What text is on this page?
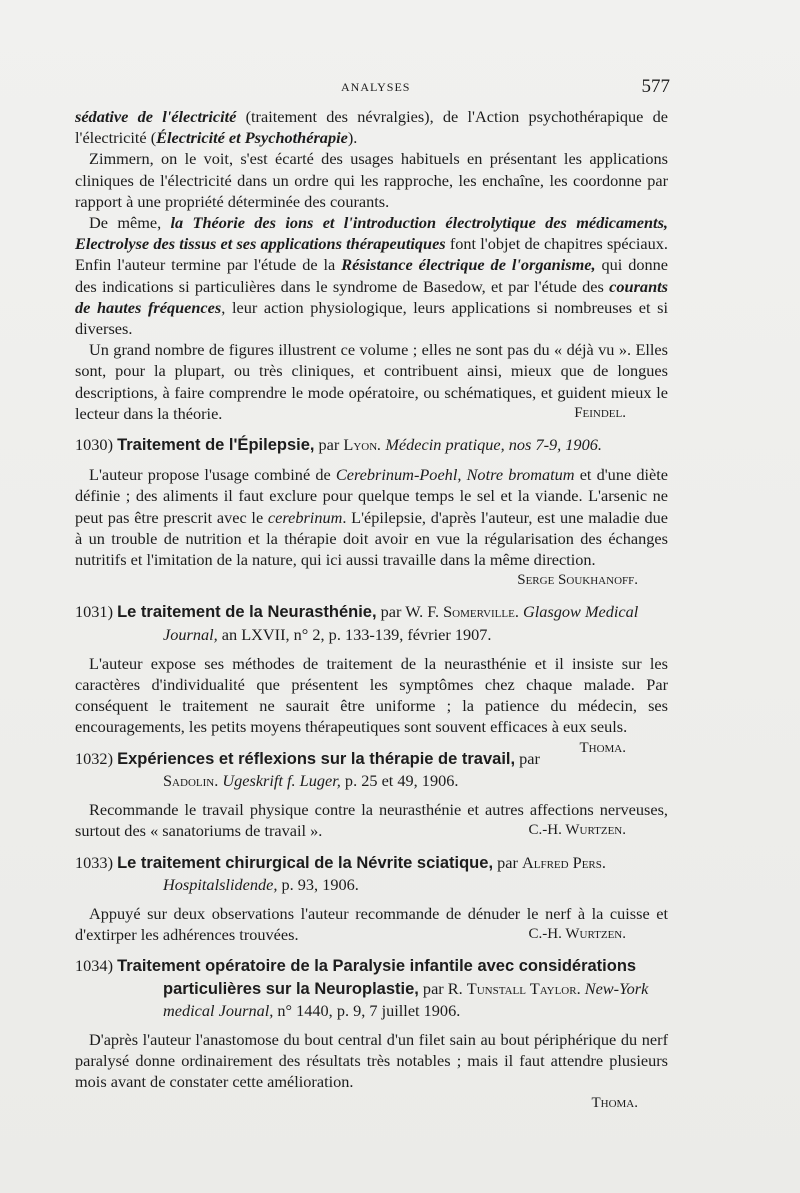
ANALYSES	577

sédative de l'électricité (traitement des névralgies), de l'Action psychothérapique de l'électricité (Électricité et Psychothérapie).

Zimmern, on le voit, s'est écarté des usages habituels en présentant les applications cliniques de l'électricité dans un ordre qui les rapproche, les enchaîne, les coordonne par rapport à une propriété déterminée des courants.

De même, la Théorie des ions et l'introduction électrolytique des médicaments, Electrolyse des tissus et ses applications thérapeutiques font l'objet de chapitres spéciaux. Enfin l'auteur termine par l'étude de la Résistance électrique de l'organisme, qui donne des indications si particulières dans le syndrome de Basedow, et par l'étude des courants de hautes fréquences, leur action physiologique, leurs applications si nombreuses et si diverses.

Un grand nombre de figures illustrent ce volume ; elles ne sont pas du « déjà vu ». Elles sont, pour la plupart, ou très cliniques, et contribuent ainsi, mieux que de longues descriptions, à faire comprendre le mode opératoire, ou schématiques, et guident mieux le lecteur dans la théorie.	Feindel.

1030) Traitement de l'Épilepsie, par Lyon. Médecin pratique, nos 7-9, 1906.

L'auteur propose l'usage combiné de Cerebrinum-Poehl, Notre bromatum et d'une diète définie ; des aliments il faut exclure pour quelque temps le sel et la viande. L'arsenic ne peut pas être prescrit avec le cerebrinum. L'épilepsie, d'après l'auteur, est une maladie due à un trouble de nutrition et la thérapie doit avoir en vue la régularisation des échanges nutritifs et l'imitation de la nature, qui ici aussi travaille dans la même direction.

Serge Soukhanoff.

1031) Le traitement de la Neurasthénie, par W. F. Somerville. Glasgow Medical Journal, an LXVII, n° 2, p. 133-139, février 1907.

L'auteur expose ses méthodes de traitement de la neurasthénie et il insiste sur les caractères d'individualité que présentent les symptômes chez chaque malade. Par conséquent le traitement ne saurait être uniforme ; la patience du médecin, ses encouragements, les petits moyens thérapeutiques sont souvent efficaces à eux seuls.
Thoma.

1032) Expériences et réflexions sur la thérapie de travail, par Sadolin. Ugeskrift f. Luger, p. 25 et 49, 1906.

Recommande le travail physique contre la neurasthénie et autres affections nerveuses, surtout des « sanatoriums de travail ».	C.-H. Wurtzen.

1033) Le traitement chirurgical de la Névrite sciatique, par Alfred Pers. Hospitalslidende, p. 93, 1906.

Appuyé sur deux observations l'auteur recommande de dénuder le nerf à la cuisse et d'extirper les adhérences trouvées.	C.-H. Wurtzen.

1034) Traitement opératoire de la Paralysie infantile avec considérations particulières sur la Neuroplastie, par R. Tunstall Taylor. New-York medical Journal, n° 1440, p. 9, 7 juillet 1906.

D'après l'auteur l'anastomose du bout central d'un filet sain au bout périphérique du nerf paralysé donne ordinairement des résultats très notables ; mais il faut attendre plusieurs mois avant de constater cette amélioration.

Thoma.
